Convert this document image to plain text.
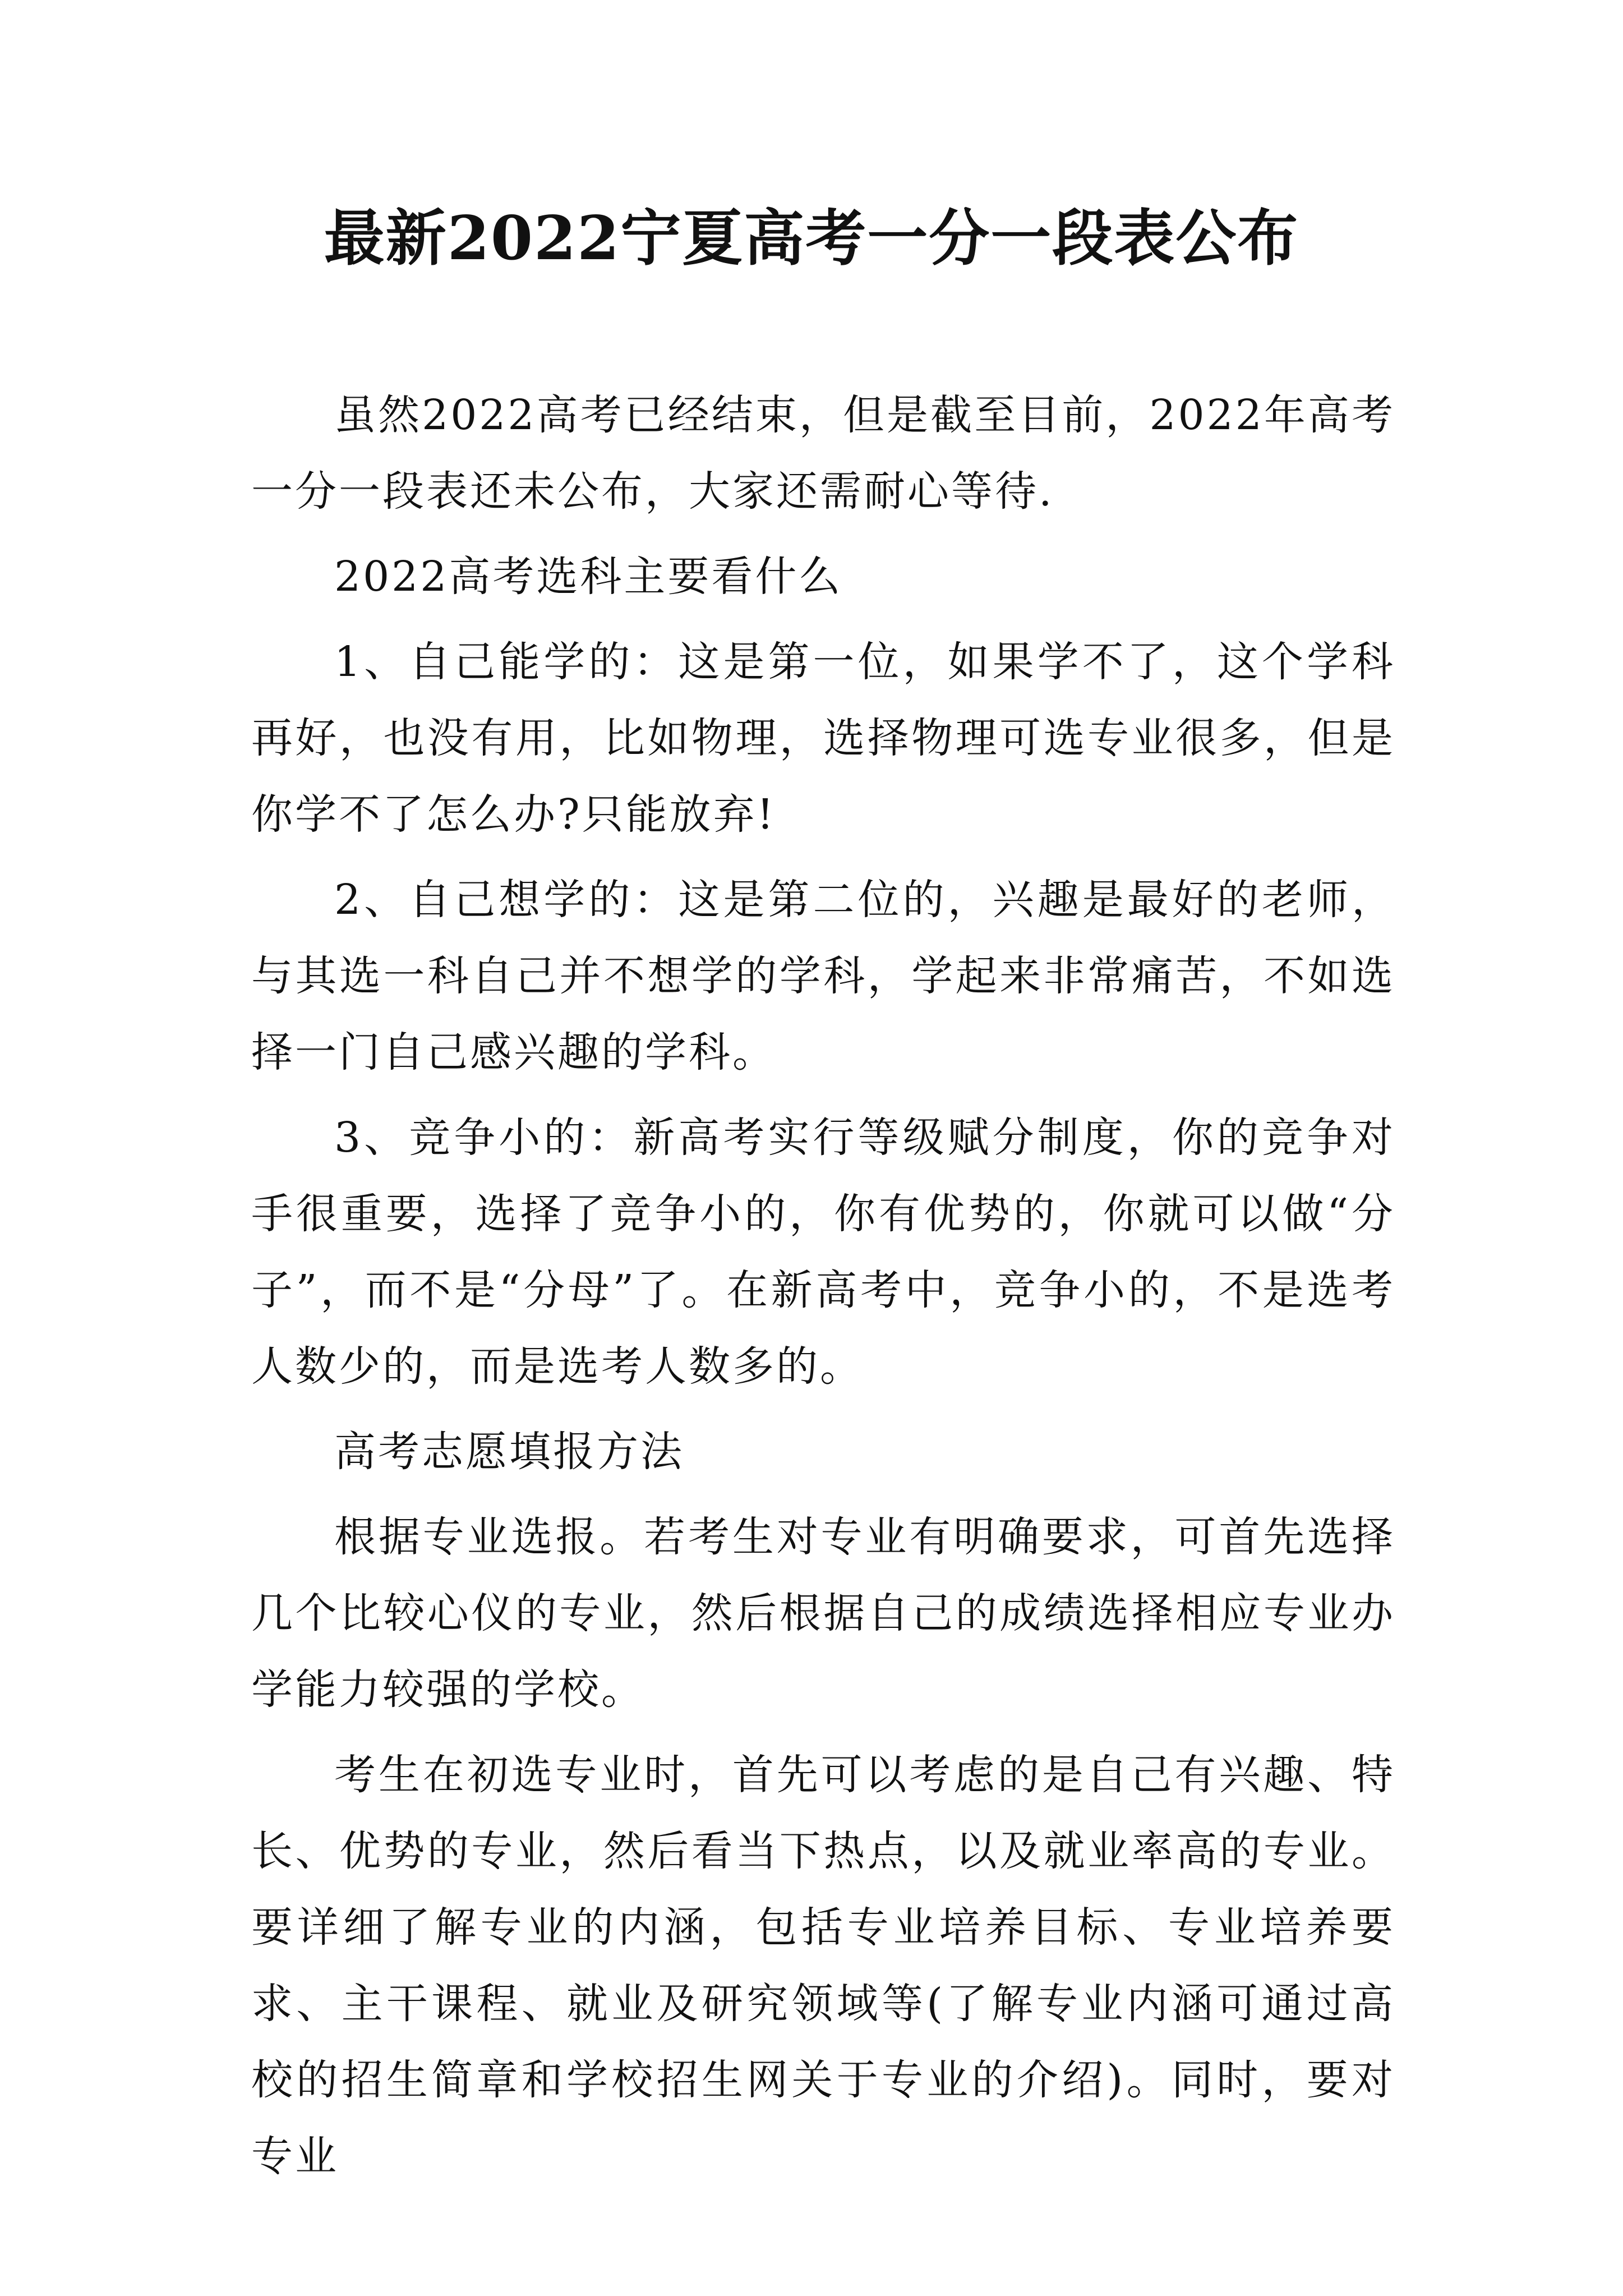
最新2022宁夏高考一分一段表公布

虽然2022高考已经结束，但是截至目前，2022年高考一分一段表还未公布，大家还需耐心等待.

2022高考选科主要看什么

1、自己能学的：这是第一位，如果学不了，这个学科再好，也没有用，比如物理，选择物理可选专业很多，但是你学不了怎么办?只能放弃!

2、自己想学的：这是第二位的，兴趣是最好的老师，与其选一科自己并不想学的学科，学起来非常痛苦，不如选择一门自己感兴趣的学科。

3、竞争小的：新高考实行等级赋分制度，你的竞争对手很重要，选择了竞争小的，你有优势的，你就可以做“分子”，而不是“分母”了。在新高考中，竞争小的，不是选考人数少的，而是选考人数多的。

高考志愿填报方法

根据专业选报。若考生对专业有明确要求，可首先选择几个比较心仪的专业，然后根据自己的成绩选择相应专业办学能力较强的学校。

考生在初选专业时，首先可以考虑的是自己有兴趣、特长、优势的专业，然后看当下热点，以及就业率高的专业。要详细了解专业的内涵，包括专业培养目标、专业培养要求、主干课程、就业及研究领域等(了解专业内涵可通过高校的招生简章和学校招生网关于专业的介绍)。同时，要对专业
